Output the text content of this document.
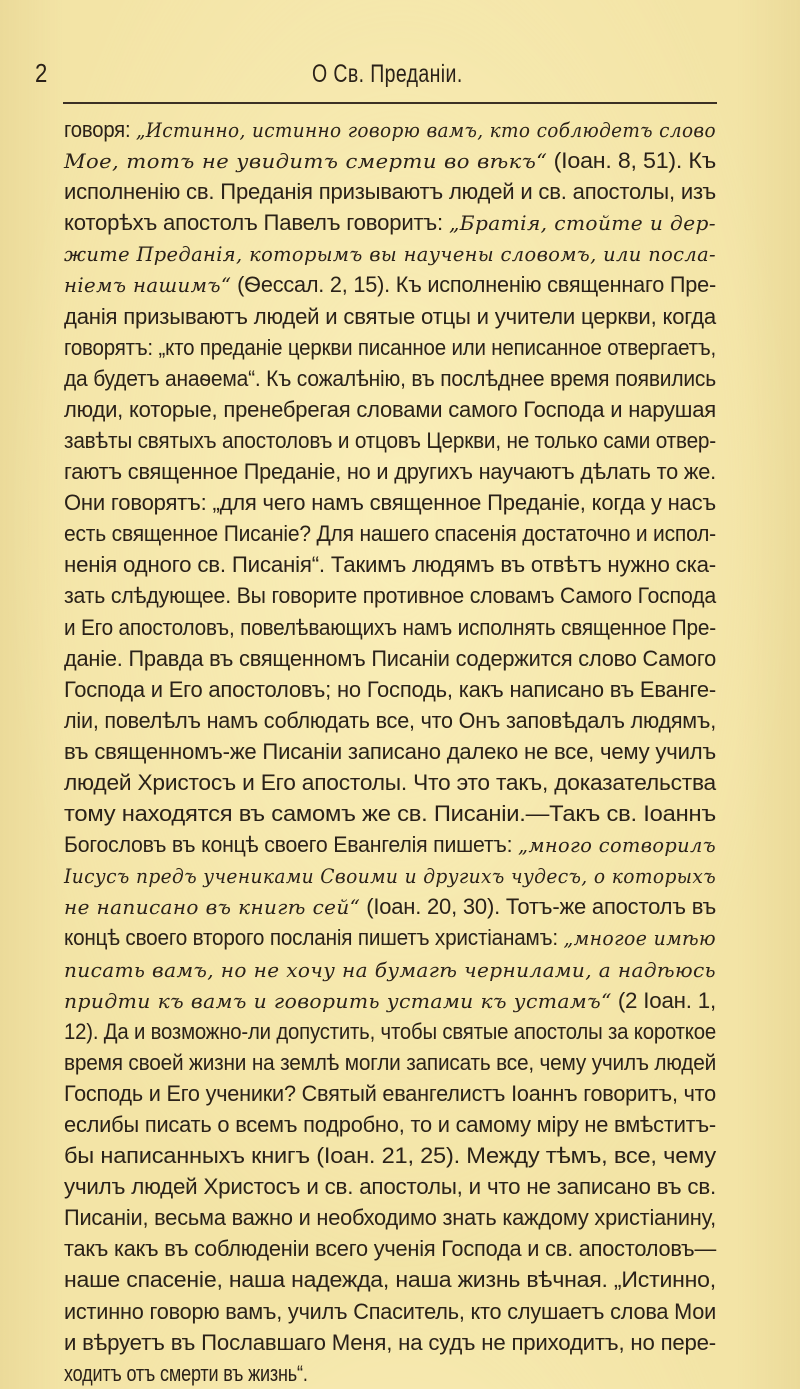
2	О Св. Преданіи.
говоря: „Истинно, истинно говорю вамъ, кто соблюдетъ слово
Мое, тотъ не увидитъ смерти во вѣкъ“ (Іоан. 8, 51). Къ
исполненію св. Преданія призываютъ людей и св. апостолы, изъ
которѣхъ апостолъ Павелъ говоритъ: „Братія, стойте и дер-
жите Преданія, которымъ вы научены словомъ, или посла-
ніемъ нашимъ“ (Ѳессал. 2, 15). Къ исполненію священнаго Пре-
данія призываютъ людей и святые отцы и учители церкви, когда
говорятъ: „кто преданіе церкви писанное или неписанное отвергаетъ,
да будетъ анаѳема“. Къ сожалѣнію, въ послѣднее время появились
люди, которые, пренебрегая словами самого Господа и нарушая
завѣты святыхъ апостоловъ и отцовъ Церкви, не только сами отвер-
гаютъ священное Преданіе, но и другихъ научаютъ дѣлать то же.
Они говорятъ: „для чего намъ священное Преданіе, когда у насъ
есть священное Писаніе? Для нашего спасенія достаточно и испол-
ненія одного св. Писанія“. Такимъ людямъ въ отвѣтъ нужно ска-
зать слѣдующее. Вы говорите противное словамъ Самого Господа
и Его апостоловъ, повелѣвающихъ намъ исполнять священное Пре-
даніе. Правда въ священномъ Писаніи содержится слово Самого
Господа и Его апостоловъ; но Господь, какъ написано въ Еванге-
ліи, повелѣлъ намъ соблюдать все, что Онъ заповѣдалъ людямъ,
въ священномъ-же Писаніи записано далеко не все, чему училъ
людей Христосъ и Его апостолы. Что это такъ, доказательства
тому находятся въ самомъ же св. Писаніи.—Такъ св. Іоаннъ
Богословъ въ концѣ своего Евангелія пишетъ: „много сотворилъ
Іисусъ предъ учениками Своими и другихъ чудесъ, о которыхъ
не написано въ книгѣ сей“ (Іоан. 20, 30). Тотъ-же апостолъ въ
концѣ своего второго посланія пишетъ христіанамъ: „многое имѣю
писать вамъ, но не хочу на бумагѣ чернилами, а надѣюсь
придти къ вамъ и говорить устами къ устамъ“ (2 Іоан. 1,
12). Да и возможно-ли допустить, чтобы святые апостолы за короткое
время своей жизни на землѣ могли записать все, чему училъ людей
Господь и Его ученики? Святый евангелистъ Іоаннъ говоритъ, что
еслибы писать о всемъ подробно, то и самому міру не вмѣститъ-
бы написанныхъ книгъ (Іоан. 21, 25). Между тѣмъ, все, чему
училъ людей Христосъ и св. апостолы, и что не записано въ св.
Писаніи, весьма важно и необходимо знать каждому христіанину,
такъ какъ въ соблюденіи всего ученія Господа и св. апостоловъ—
наше спасеніе, наша надежда, наша жизнь вѣчная. „Истинно,
истинно говорю вамъ, училъ Спаситель, кто слушаетъ слова Мои
и вѣруетъ въ Пославшаго Меня, на судъ не приходитъ, но пере-
ходитъ отъ смерти въ жизнь“.
